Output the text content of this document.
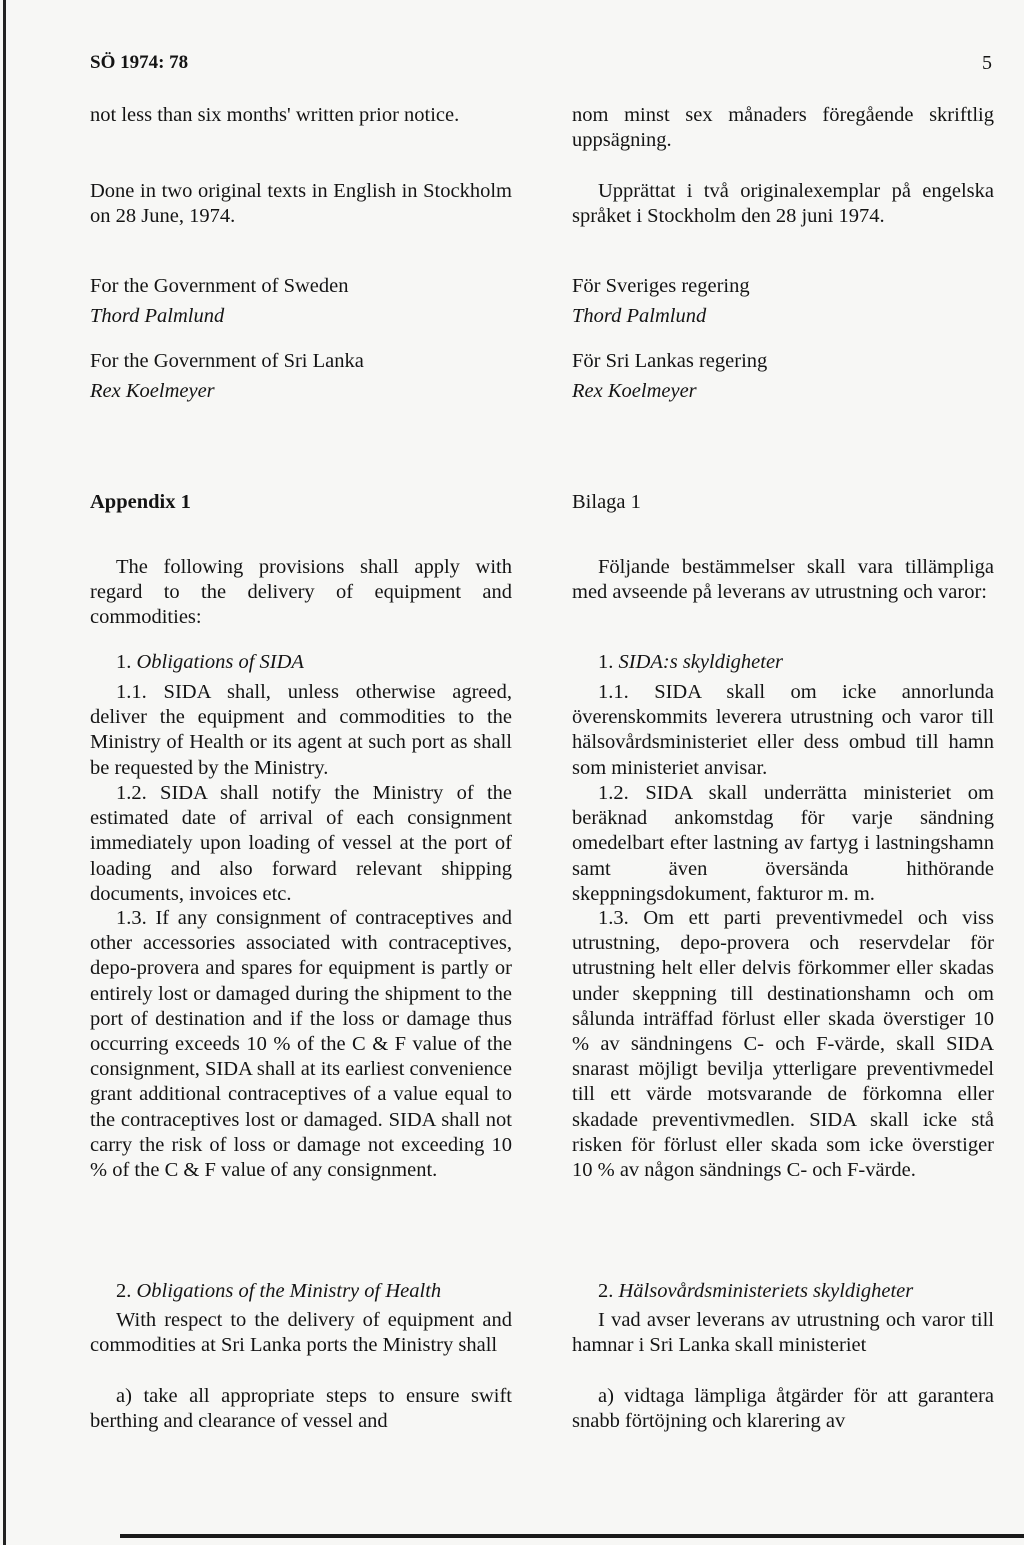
SÖ 1974: 78	5

not less than six months' written prior notice.

Done in two original texts in English in Stockholm on 28 June, 1974.

For the Government of Sweden

Thord Palmlund

For the Government of Sri Lanka

Rex Koelmeyer

Appendix 1

The following provisions shall apply with regard to the delivery of equipment and commodities:

1. Obligations of SIDA

1.1. SIDA shall, unless otherwise agreed, deliver the equipment and commodities to the Ministry of Health or its agent at such port as shall be requested by the Ministry.

1.2. SIDA shall notify the Ministry of the estimated date of arrival of each consignment immediately upon loading of vessel at the port of loading and also forward relevant shipping documents, invoices etc.

1.3. If any consignment of contraceptives and other accessories associated with contraceptives, depo-provera and spares for equipment is partly or entirely lost or damaged during the shipment to the port of destination and if the loss or damage thus occurring exceeds 10 % of the C & F value of the consignment, SIDA shall at its earliest convenience grant additional contraceptives of a value equal to the contraceptives lost or damaged. SIDA shall not carry the risk of loss or damage not exceeding 10 % of the C & F value of any consignment.

2. Obligations of the Ministry of Health

With respect to the delivery of equipment and commodities at Sri Lanka ports the Ministry shall

a) take all appropriate steps to ensure swift berthing and clearance of vessel and

nom minst sex månaders föregående skriftlig uppsägning.

Upprättat i två originalexemplar på engelska språket i Stockholm den 28 juni 1974.

För Sveriges regering

Thord Palmlund

För Sri Lankas regering

Rex Koelmeyer

Bilaga 1

Följande bestämmelser skall vara tillämpliga med avseende på leverans av utrustning och varor:

1. SIDA:s skyldigheter

1.1. SIDA skall om icke annorlunda överenskommits leverera utrustning och varor till hälsovårdsministeriet eller dess ombud till hamn som ministeriet anvisar.

1.2. SIDA skall underrätta ministeriet om beräknad ankomstdag för varje sändning omedelbart efter lastning av fartyg i lastningshamn samt även översända hithörande skeppningsdokument, fakturor m. m.

1.3. Om ett parti preventivmedel och viss utrustning, depo-provera och reservdelar för utrustning helt eller delvis förkommer eller skadas under skeppning till destinationshamn och om sålunda inträffad förlust eller skada överstiger 10 % av sändningens C- och F-värde, skall SIDA snarast möjligt bevilja ytterligare preventivmedel till ett värde motsvarande de förkomna eller skadade preventivmedlen. SIDA skall icke stå risken för förlust eller skada som icke överstiger 10 % av någon sändnings C- och F-värde.

2. Hälsovårdsministeriets skyldigheter

I vad avser leverans av utrustning och varor till hamnar i Sri Lanka skall ministeriet

a) vidtaga lämpliga åtgärder för att garantera snabb förtöjning och klarering av
